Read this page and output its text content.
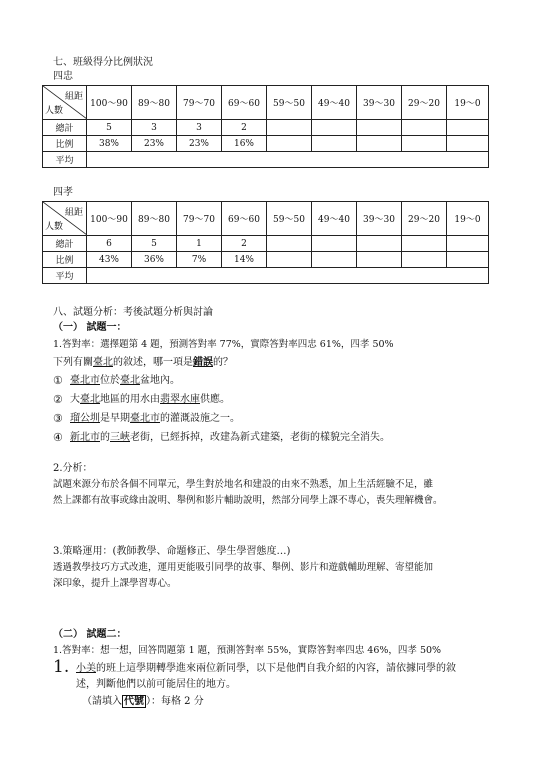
七、班級得分比例狀況
四忠
組距
人數	100～90	89～80	79～70	69～60	59～50	49～40	39～30	29～20	19～0
總計	5	3	3	2					
比例	38%	23%	23%	16%					
平均									
四孝
組距
人數	100～90	89～80	79～70	69～60	59～50	49～40	39～30	29～20	19～0
總計	6	5	1	2					
比例	43%	36%	7%	14%					
平均									
八、試題分析：考後試題分析與討論
（一） 試題一：
1.答對率：選擇題第 4 題，預測答對率 77%，實際答對率四忠 61%，四孝 50%
下列有關臺北的敘述，哪一項是錯誤的？
① 臺北市位於臺北盆地內。
② 大臺北地區的用水由翡翠水庫供應。
③ 瑠公圳是早期臺北市的灌溉設施之一。
④ 新北市的三峽老街，已經拆掉，改建為新式建築，老街的樣貌完全消失。
2.分析：
試題來源分布於各個不同單元，學生對於地名和建設的由來不熟悉，加上生活經驗不足，雖
然上課都有故事或緣由說明、舉例和影片輔助說明，然部分同學上課不專心，喪失理解機會。
3.策略運用：(教師教學、命題修正、學生學習態度…)
透過教學技巧方式改進，運用更能吸引同學的故事、舉例、影片和遊戲輔助理解、寄望能加
深印象，提升上課學習專心。
（二） 試題二：
1.答對率：想一想，回答問題第 1 題，預測答對率 55%，實際答對率四忠 46%，四孝 50%
1. 小美的班上這學期轉學進來兩位新同學，以下是他們自我介紹的內容，請依據同學的敘
述，判斷他們以前可能居住的地方。
（請填入 代號 ）：每格 2 分
